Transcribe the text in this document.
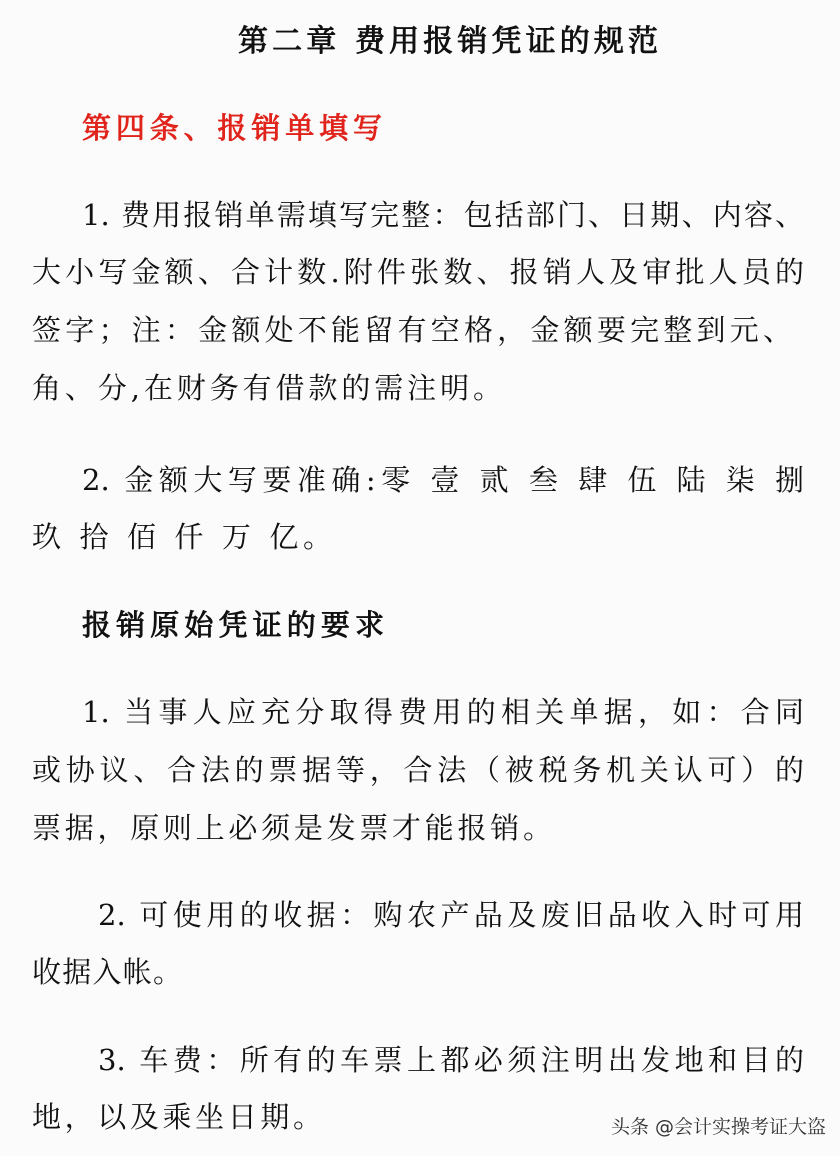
第二章 费用报销凭证的规范
第四条、报销单填写
1. 费用报销单需填写完整：包括部门、日期、内容、
大小写金额、合计数.附件张数、报销人及审批人员的
签字；注：金额处不能留有空格，金额要完整到元、
角、分,在财务有借款的需注明。
2. 金额大写要准确:零 壹 贰 叁 肆 伍 陆 柒 捌
玖 拾 佰 仟 万 亿。
报销原始凭证的要求
1. 当事人应充分取得费用的相关单据，如：合同
或协议、合法的票据等，合法（被税务机关认可）的
票据，原则上必须是发票才能报销。
2. 可使用的收据：购农产品及废旧品收入时可用
收据入帐。
3. 车费：所有的车票上都必须注明出发地和目的
地，以及乘坐日期。	头条 @会计实操考证大盗
